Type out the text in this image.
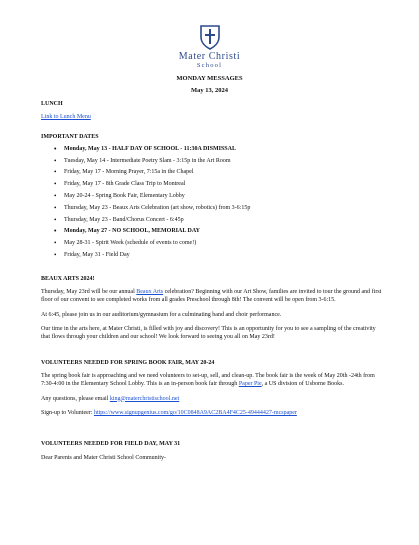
Mater Christi
School
MONDAY MESSAGES
May 13, 2024
LUNCH
Link to Lunch Menu
IMPORTANT DATES
• Monday, May 13 - HALF DAY OF SCHOOL - 11:30A DISMISSAL
• Tuesday, May 14 - Intermediate Poetry Slam - 3:15p in the Art Room
• Friday, May 17 - Morning Prayer, 7:15a in the Chapel
• Friday, May 17 - 8th Grade Class Trip to Montreal
• May 20-24 - Spring Book Fair, Elementary Lobby
• Thursday, May 23 - Beaux Arts Celebration (art show, robotics) from 3-6:15p
• Thursday, May 23 - Band/Chorus Concert - 6:45p
• Monday, May 27 - NO SCHOOL, MEMORIAL DAY
• May 28-31 - Spirit Week (schedule of events to come!)
• Friday, May 31 - Field Day
BEAUX ARTS 2024!

Thursday, May 23rd will be our annual Beaux Arts celebration? Beginning with our Art Show, families are invited to tour the ground and first floor of our convent to see completed works from all grades Preschool through 8th! The convent will be open from 3-6:15.

At 6:45, please join us in our auditorium/gymnasium for a culminating band and choir performance.

Our time in the arts here, at Mater Christi, is filled with joy and discovery! This is an opportunity for you to see a sampling of the creativity that flows through your children and our school! We look forward to seeing you all on May 23rd!

VOLUNTEERS NEEDED FOR SPRING BOOK FAIR, MAY 20-24

The spring book fair is approaching and we need volunteers to set-up, sell, and clean-up. The book fair is the week of May 20th -24th from 7:30-4:00 in the Elementary School Lobby. This is an in-person book fair through Paper Pie, a US division of Usborne Books.

Any questions, please email king@materchristischool.net

Sign-up to Volunteer: https://www.signupgenius.com/go/10C0848A9AC2BA4F4C25-49444427-mcspaper

VOLUNTEERS NEEDED FOR FIELD DAY, MAY 31

Dear Parents and Mater Christi School Community-
